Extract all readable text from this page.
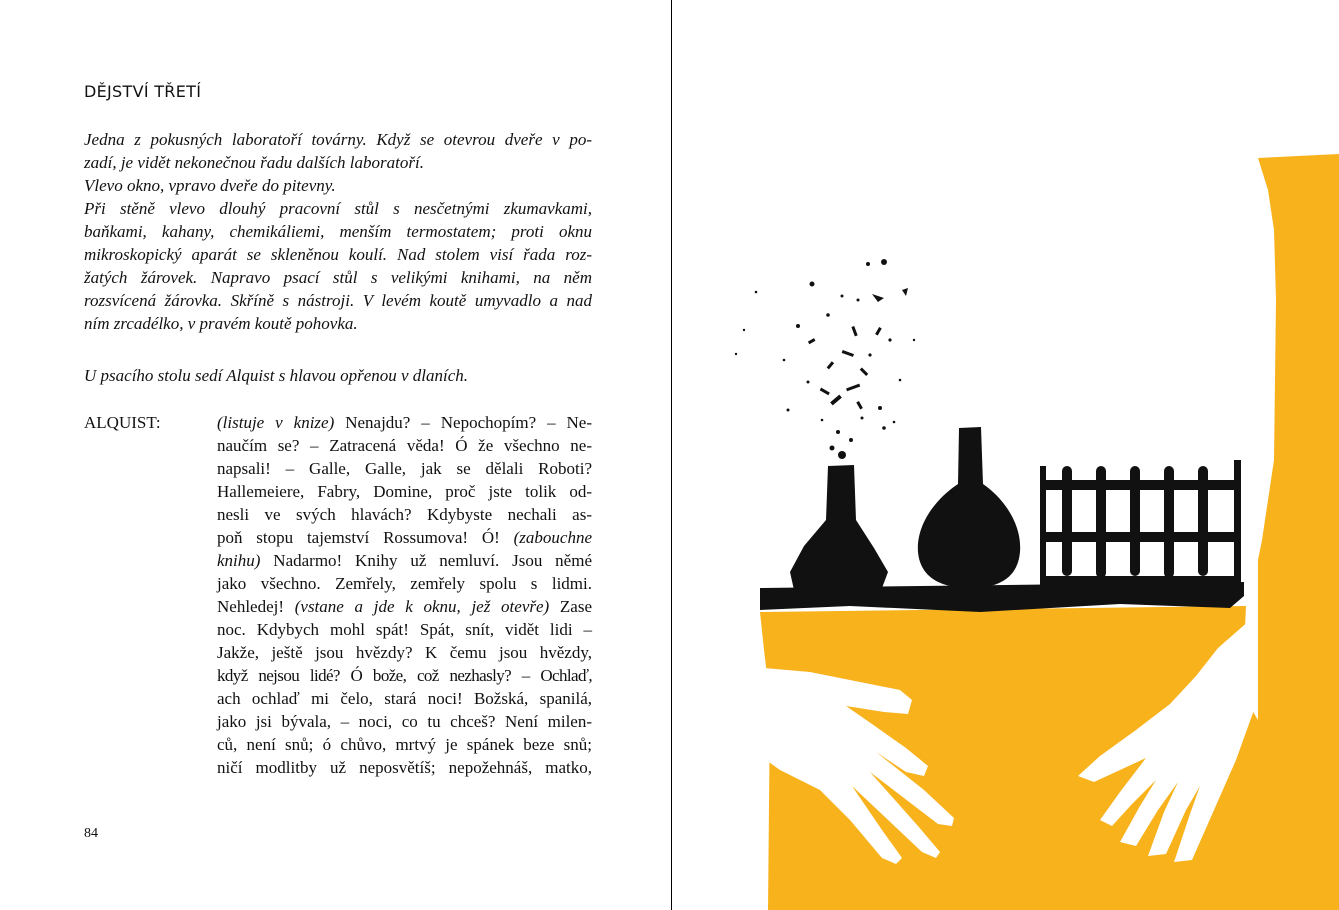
DĚJSTVÍ TŘETÍ

Jedna z pokusných laboratoří továrny. Když se otevrou dveře v po-

zadí, je vidět nekonečnou řadu dalších laboratoří.

Vlevo okno, vpravo dveře do pitevny.

Při stěně vlevo dlouhý pracovní stůl s nesčetnými zkumavkami,

baňkami, kahany, chemikáliemi, menším termostatem; proti oknu

mikroskopický aparát se skleněnou koulí. Nad stolem visí řada roz-

žatých žárovek. Napravo psací stůl s velikými knihami, na něm

rozsvícená žárovka. Skříně s nástroji. V levém koutě umyvadlo a nad

ním zrcadélko, v pravém koutě pohovka.

U psacího stolu sedí Alquist s hlavou opřenou v dlaních.
ALQUIST:	(listuje v knize) Nenajdu? – Nepochopím? – Ne-
naučím se? – Zatracená věda! Ó že všechno ne-
napsali! – Galle, Galle, jak se dělali Roboti?
Hallemeiere, Fabry, Domine, proč jste tolik od-
nesli ve svých hlavách? Kdybyste nechali as-
poň stopu tajemství Rossumova! Ó! (zabouchne
knihu) Nadarmo! Knihy už nemluví. Jsou němé
jako všechno. Zemřely, zemřely spolu s lidmi.
Nehledej! (vstane a jde k oknu, jež otevře) Zase
noc. Kdybych mohl spát! Spát, snít, vidět lidi –
Jakže, ještě jsou hvězdy? K čemu jsou hvězdy,
když nejsou lidé? Ó bože, což nezhasly? – Ochlaď,
ach ochlaď mi čelo, stará noci! Božská, spanilá,
jako jsi bývala, – noci, co tu chceš? Není milen-
ců, není snů; ó chůvo, mrtvý je spánek beze snů;
ničí modlitby už neposvětíš; nepožehnáš, matko,
84
